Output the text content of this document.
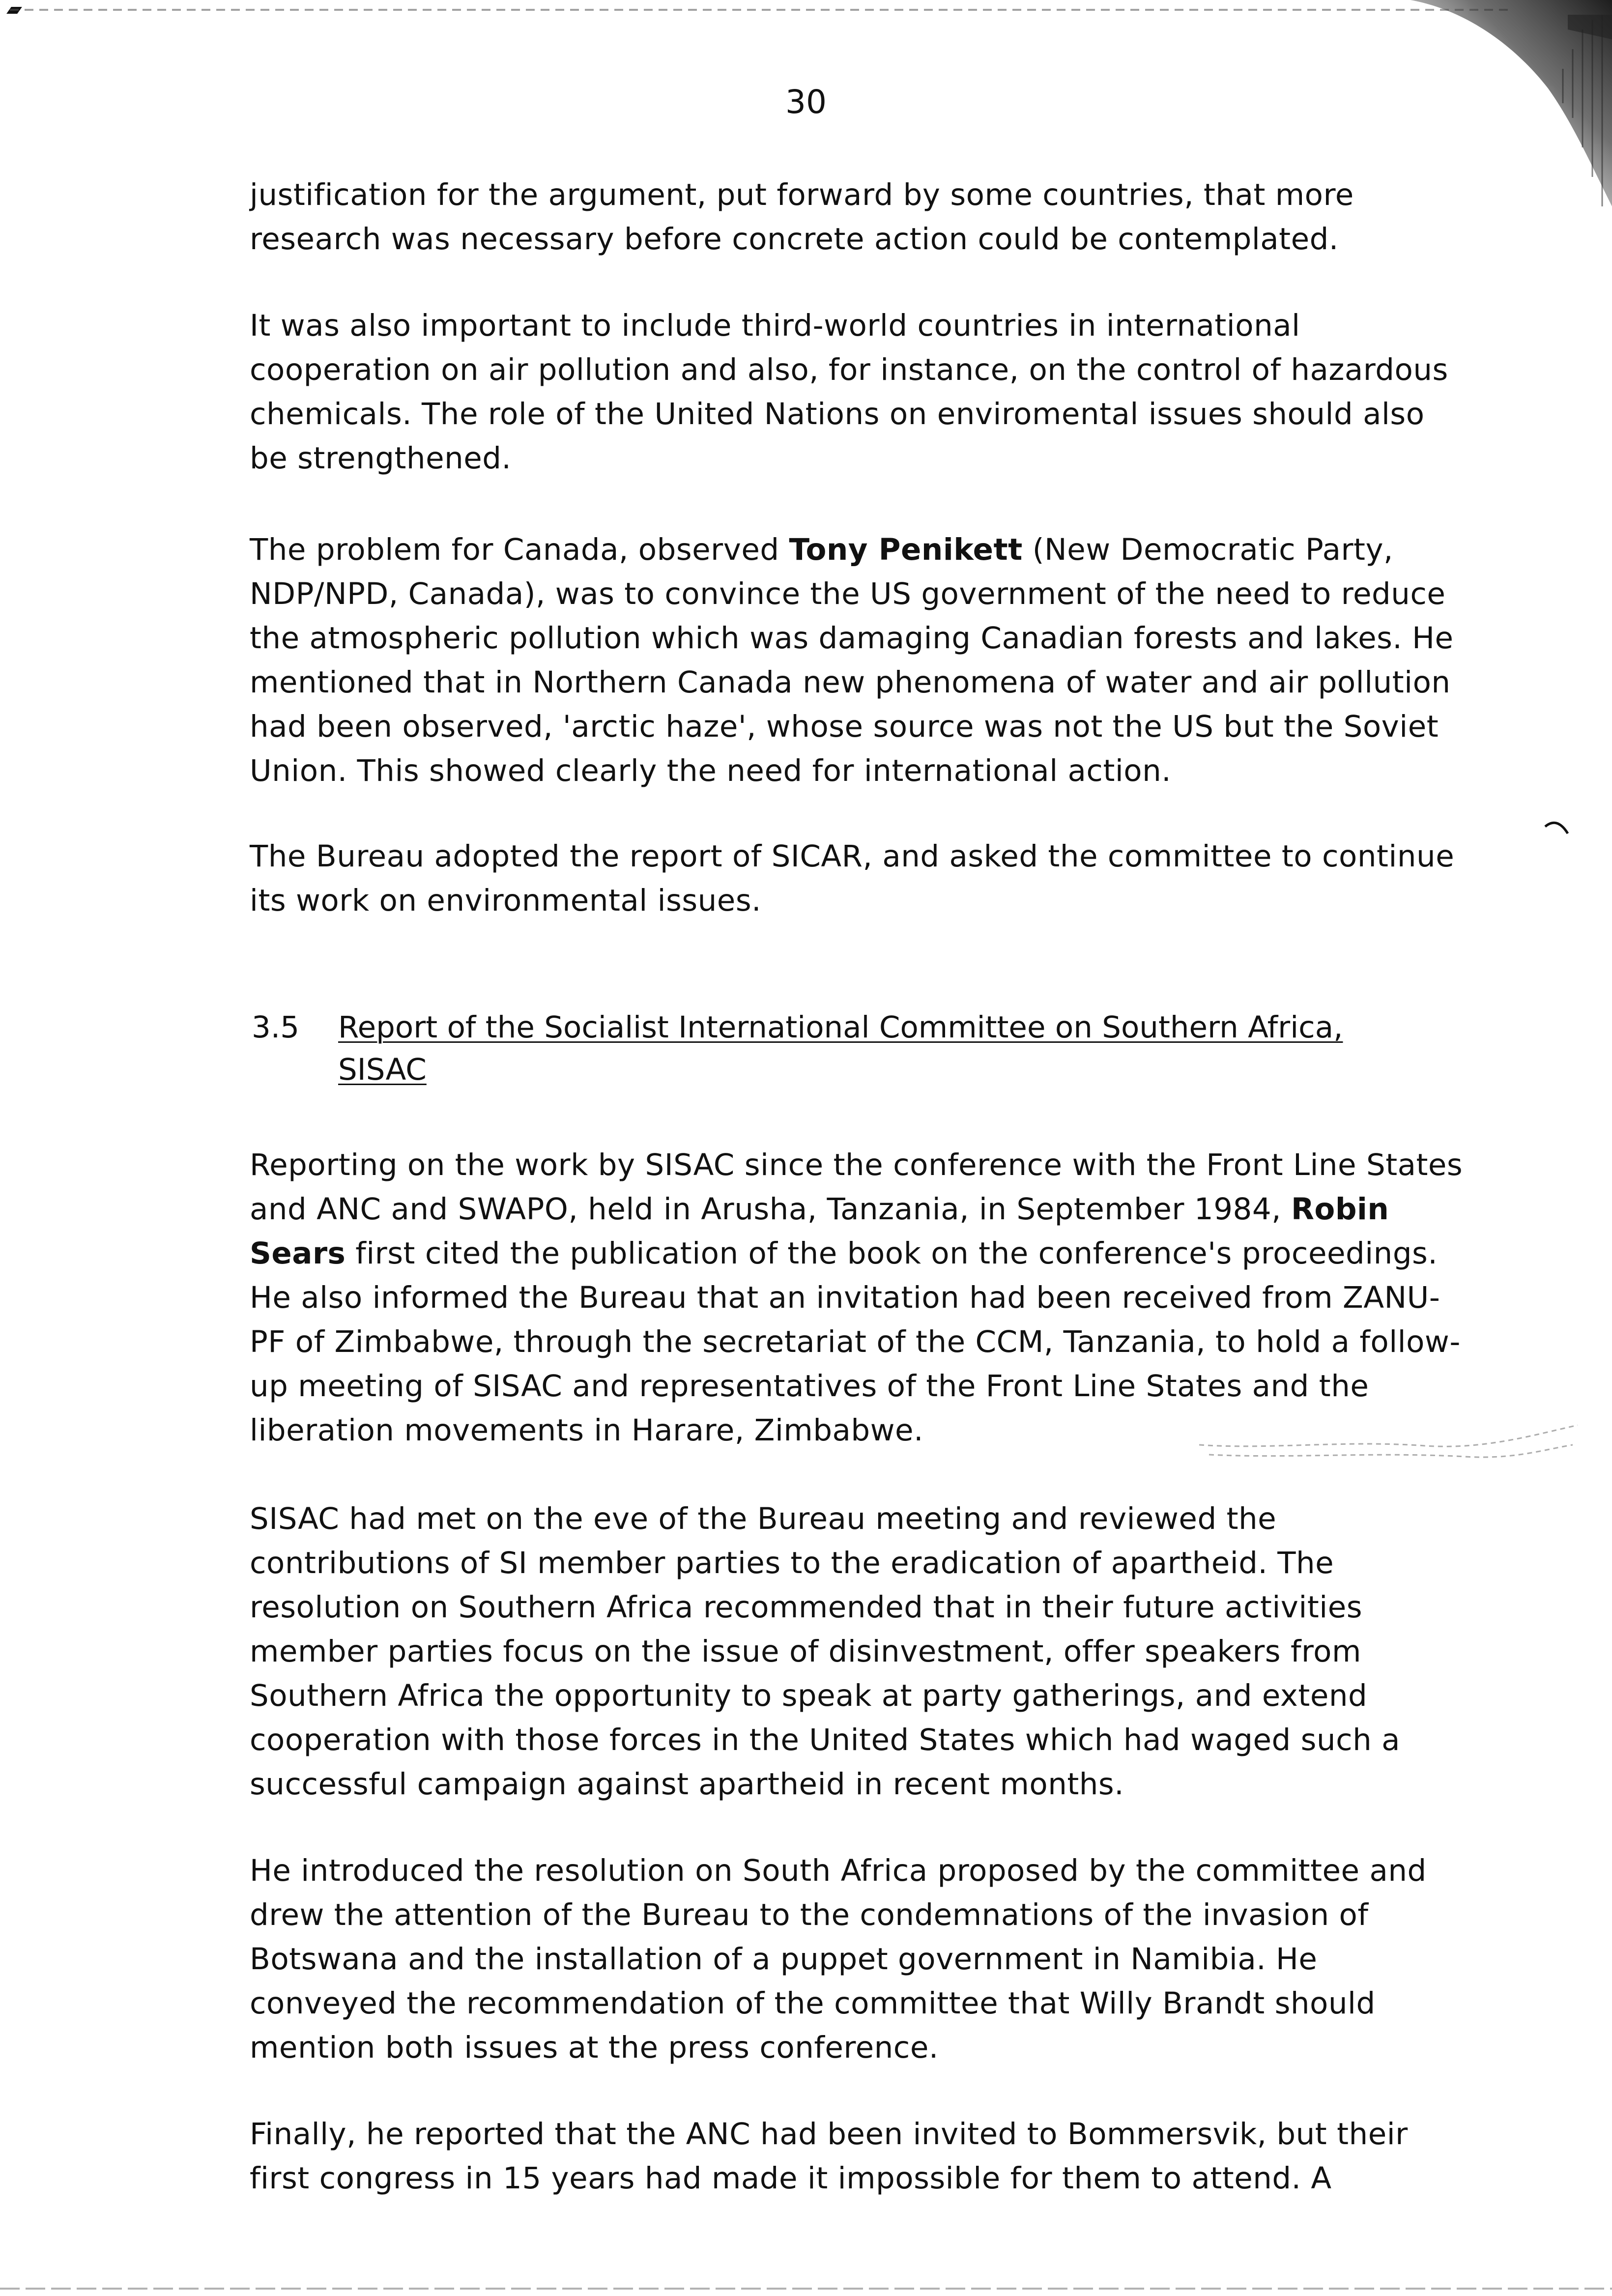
30

justification for the argument, put forward by some countries, that more research was necessary before concrete action could be contemplated.

It was also important to include third-world countries in international cooperation on air pollution and also, for instance, on the control of hazardous chemicals. The role of the United Nations on enviromental issues should also be strengthened.

The problem for Canada, observed Tony Penikett (New Democratic Party, NDP/NPD, Canada), was to convince the US government of the need to reduce the atmospheric pollution which was damaging Canadian forests and lakes. He mentioned that in Northern Canada new phenomena of water and air pollution had been observed, 'arctic haze', whose source was not the US but the Soviet Union. This showed clearly the need for international action.

The Bureau adopted the report of SICAR, and asked the committee to continue its work on environmental issues.

3.5 Report of the Socialist International Committee on Southern Africa,
SISAC

Reporting on the work by SISAC since the conference with the Front Line States and ANC and SWAPO, held in Arusha, Tanzania, in September 1984, Robin Sears first cited the publication of the book on the conference's proceedings. He also informed the Bureau that an invitation had been received from ZANU-PF of Zimbabwe, through the secretariat of the CCM, Tanzania, to hold a follow-up meeting of SISAC and representatives of the Front Line States and the liberation movements in Harare, Zimbabwe.

SISAC had met on the eve of the Bureau meeting and reviewed the contributions of SI member parties to the eradication of apartheid. The resolution on Southern Africa recommended that in their future activities member parties focus on the issue of disinvestment, offer speakers from Southern Africa the opportunity to speak at party gatherings, and extend cooperation with those forces in the United States which had waged such a successful campaign against apartheid in recent months.

He introduced the resolution on South Africa proposed by the committee and drew the attention of the Bureau to the condemnations of the invasion of Botswana and the installation of a puppet government in Namibia. He conveyed the recommendation of the committee that Willy Brandt should mention both issues at the press conference.

Finally, he reported that the ANC had been invited to Bommersvik, but their first congress in 15 years had made it impossible for them to attend. A
